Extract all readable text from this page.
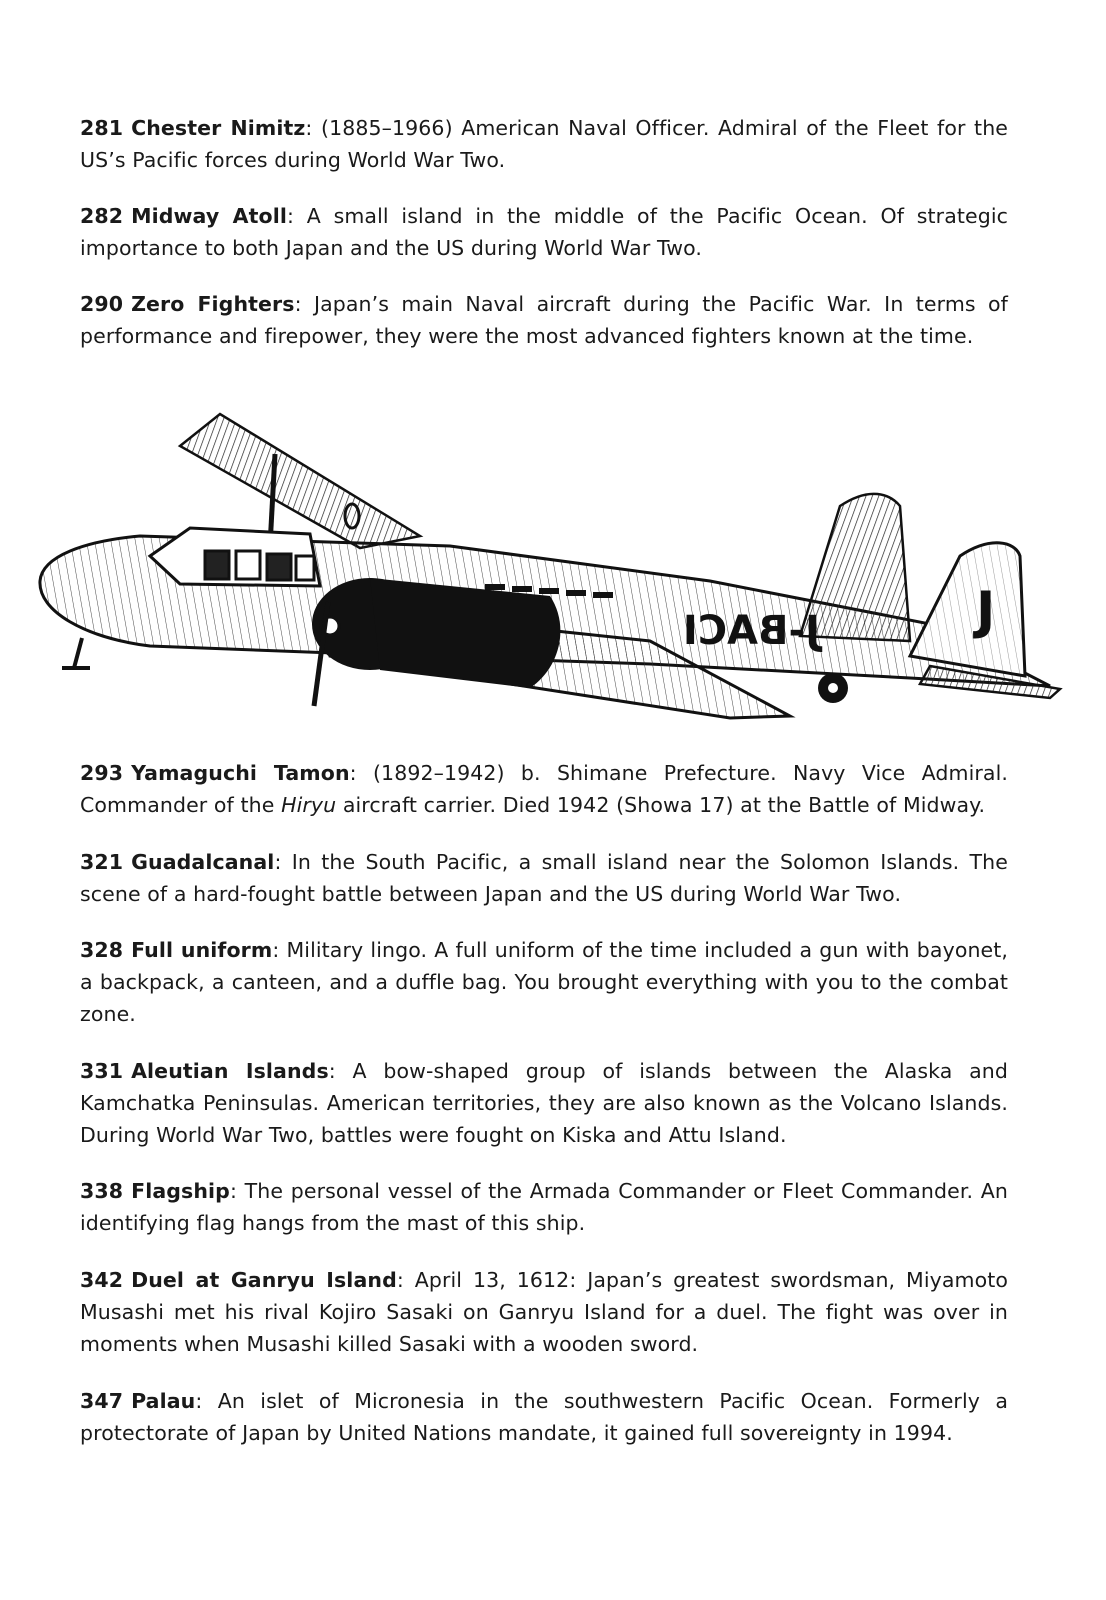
281 Chester Nimitz: (1885–1966) American Naval Officer. Admiral of the Fleet for the US’s Pacific forces during World War Two.

282 Midway Atoll: A small island in the middle of the Pacific Ocean. Of strategic importance to both Japan and the US during World War Two.

290 Zero Fighters: Japan’s main Naval aircraft during the Pacific War. In terms of performance and firepower, they were the most advanced fighters known at the time.

J
J-BACI

293 Yamaguchi Tamon: (1892–1942) b. Shimane Prefecture. Navy Vice Admiral. Commander of the Hiryu aircraft carrier. Died 1942 (Showa 17) at the Battle of Midway.

321 Guadalcanal: In the South Pacific, a small island near the Solomon Islands. The scene of a hard-fought battle between Japan and the US during World War Two.

328 Full uniform: Military lingo. A full uniform of the time included a gun with bayonet, a backpack, a canteen, and a duffle bag. You brought everything with you to the combat zone.

331 Aleutian Islands: A bow-shaped group of islands between the Alaska and Kamchatka Peninsulas. American territories, they are also known as the Volcano Islands. During World War Two, battles were fought on Kiska and Attu Island.

338 Flagship: The personal vessel of the Armada Commander or Fleet Commander. An identifying flag hangs from the mast of this ship.

342 Duel at Ganryu Island: April 13, 1612: Japan’s greatest swordsman, Miyamoto Musashi met his rival Kojiro Sasaki on Ganryu Island for a duel. The fight was over in moments when Musashi killed Sasaki with a wooden sword.

347 Palau: An islet of Micronesia in the southwestern Pacific Ocean. Formerly a protectorate of Japan by United Nations mandate, it gained full sovereignty in 1994.
